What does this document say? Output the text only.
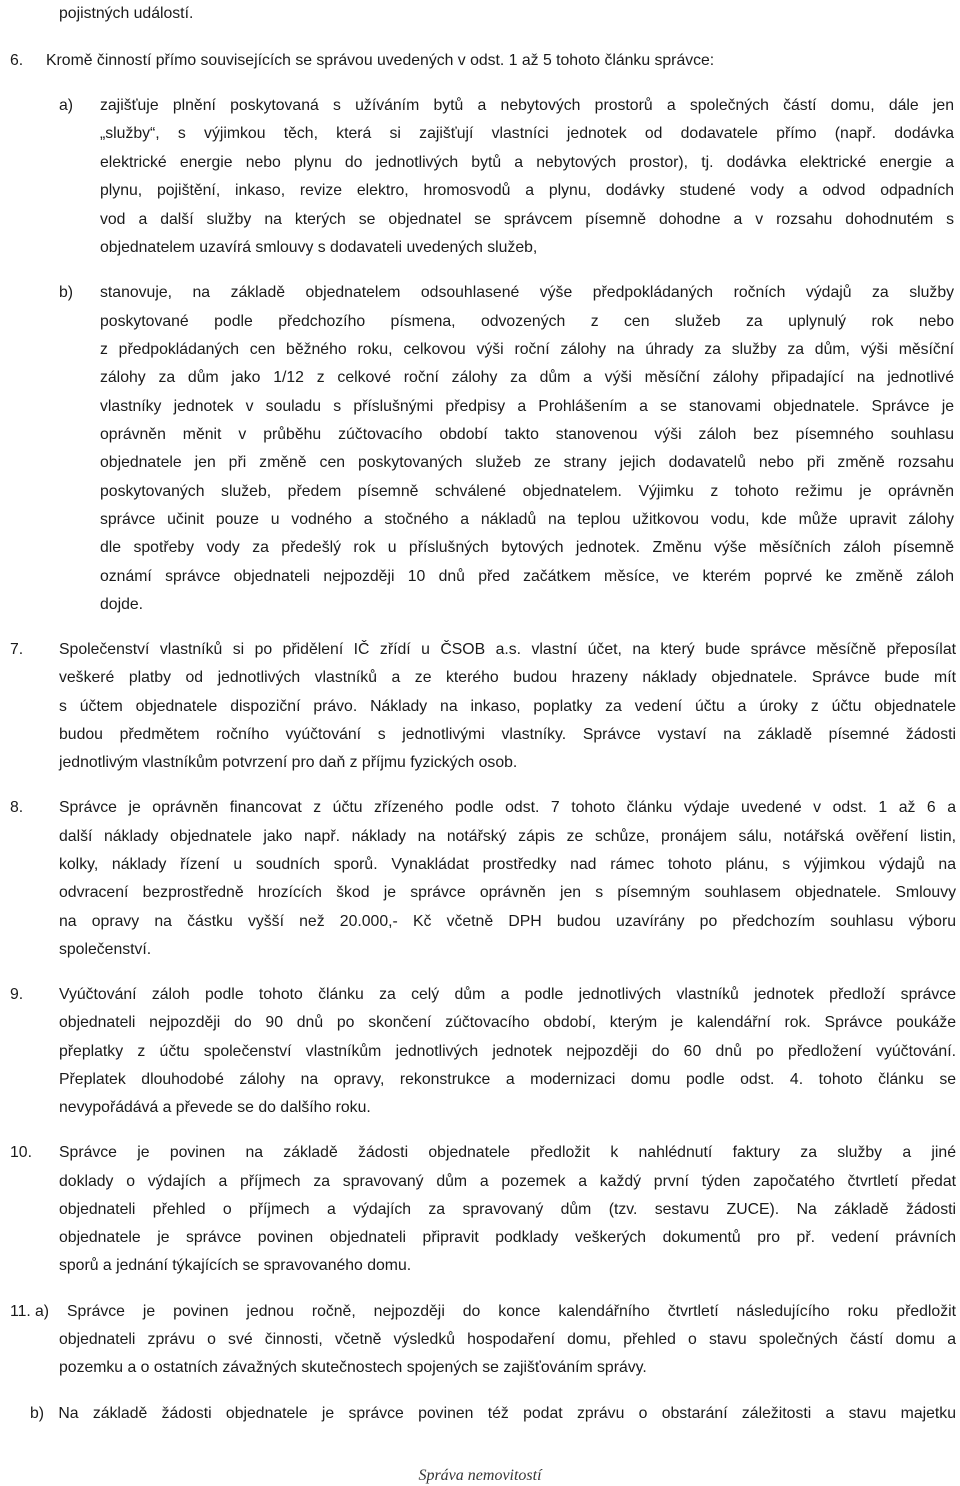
pojistných událostí.
6. Kromě činností přímo souvisejících se správou uvedených v odst. 1 až 5 tohoto článku správce:
a) zajišťuje plnění poskytovaná s užíváním bytů a nebytových prostorů a společných částí domu, dále jen
„služby“, s výjimkou těch, která si zajišťují vlastníci jednotek od dodavatele přímo (např. dodávka
elektrické energie nebo plynu do jednotlivých bytů a nebytových prostor), tj. dodávka elektrické energie a
plynu, pojištění, inkaso, revize elektro, hromosvodů a plynu, dodávky studené vody a odvod odpadních
vod a další služby na kterých se objednatel se správcem písemně dohodne a v rozsahu dohodnutém s
objednatelem uzavírá smlouvy s dodavateli uvedených služeb,
b) stanovuje, na základě objednatelem odsouhlasené výše předpokládaných ročních výdajů za služby
poskytované podle předchozího písmena, odvozených z cen služeb za uplynulý rok nebo
z předpokládaných cen běžného roku, celkovou výši roční zálohy na úhrady za služby za dům, výši měsíční
zálohy za dům jako 1/12 z celkové roční zálohy za dům a výši měsíční zálohy připadající na jednotlivé
vlastníky jednotek v souladu s příslušnými předpisy a Prohlášením a se stanovami objednatele. Správce je
oprávněn měnit v průběhu zúčtovacího období takto stanovenou výši záloh bez písemného souhlasu
objednatele jen při změně cen poskytovaných služeb ze strany jejich dodavatelů nebo při změně rozsahu
poskytovaných služeb, předem písemně schválené objednatelem. Výjimku z tohoto režimu je oprávněn
správce učinit pouze u vodného a stočného a nákladů na teplou užitkovou vodu, kde může upravit zálohy
dle spotřeby vody za předešlý rok u příslušných bytových jednotek. Změnu výše měsíčních záloh písemně
oznámí správce objednateli nejpozději 10 dnů před začátkem měsíce, ve kterém poprvé ke změně záloh
dojde.
7. Společenství vlastníků si po přidělení IČ zřídí u ČSOB a.s. vlastní účet, na který bude správce měsíčně přeposílat
veškeré platby od jednotlivých vlastníků a ze kterého budou hrazeny náklady objednatele. Správce bude mít
s účtem objednatele dispoziční právo. Náklady na inkaso, poplatky za vedení účtu a úroky z účtu objednatele
budou předmětem ročního vyúčtování s jednotlivými vlastníky. Správce vystaví na základě písemné žádosti
jednotlivým vlastníkům potvrzení pro daň z příjmu fyzických osob.
8. Správce je oprávněn financovat z účtu zřízeného podle odst. 7 tohoto článku výdaje uvedené v odst. 1 až 6 a
další náklady objednatele jako např. náklady na notářský zápis ze schůze, pronájem sálu, notářská ověření listin,
kolky, náklady řízení u soudních sporů. Vynakládat prostředky nad rámec tohoto plánu, s výjimkou výdajů na
odvracení bezprostředně hrozících škod je správce oprávněn jen s písemným souhlasem objednatele. Smlouvy
na opravy na částku vyšší než 20.000,- Kč včetně DPH budou uzavírány po předchozím souhlasu výboru
společenství.
9. Vyúčtování záloh podle tohoto článku za celý dům a podle jednotlivých vlastníků jednotek předloží správce
objednateli nejpozději do 90 dnů po skončení zúčtovacího období, kterým je kalendářní rok. Správce poukáže
přeplatky z účtu společenství vlastníkům jednotlivých jednotek nejpozději do 60 dnů po předložení vyúčtování.
Přeplatek dlouhodobé zálohy na opravy, rekonstrukce a modernizaci domu podle odst. 4. tohoto článku se
nevypořádává a převede se do dalšího roku.
10. Správce je povinen na základě žádosti objednatele předložit k nahlédnutí faktury za služby a jiné
doklady o výdajích a příjmech za spravovaný dům a pozemek a každý první týden započatého čtvrtletí předat
objednateli přehled o příjmech a výdajích za spravovaný dům (tzv. sestavu ZUCE). Na základě žádosti
objednatele je správce povinen objednateli připravit podklady veškerých dokumentů pro př. vedení právních
sporů a jednání týkajících se spravovaného domu.
11. a) Správce je povinen jednou ročně, nejpozději do konce kalendářního čtvrtletí následujícího roku předložit
objednateli zprávu o své činnosti, včetně výsledků hospodaření domu, přehled o stavu společných částí domu a
pozemku a o ostatních závažných skutečnostech spojených se zajišťováním správy.
b) Na základě žádosti objednatele je správce povinen též podat zprávu o obstarání záležitosti a stavu majetku
Správa nemovitostí
